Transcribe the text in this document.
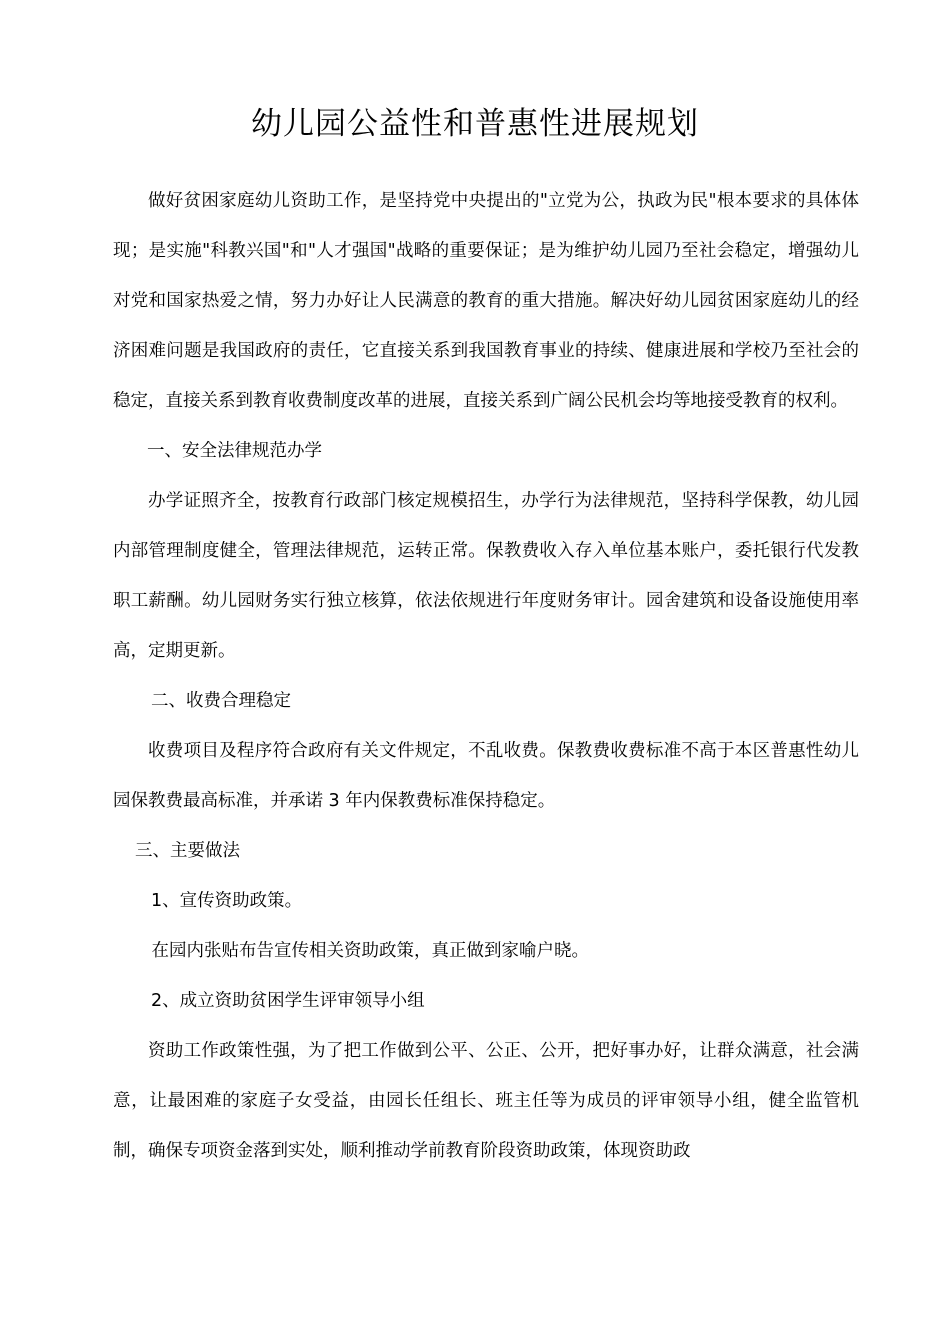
幼儿园公益性和普惠性进展规划

做好贫困家庭幼儿资助工作，是坚持党中央提出的"立党为公，执政为民"根本要求的具体体现；是实施"科教兴国"和"人才强国"战略的重要保证；是为维护幼儿园乃至社会稳定，增强幼儿对党和国家热爱之情，努力办好让人民满意的教育的重大措施。解决好幼儿园贫困家庭幼儿的经济困难问题是我国政府的责任，它直接关系到我国教育事业的持续、健康进展和学校乃至社会的稳定，直接关系到教育收费制度改革的进展，直接关系到广阔公民机会均等地接受教育的权利。

一、安全法律规范办学

办学证照齐全，按教育行政部门核定规模招生，办学行为法律规范，坚持科学保教，幼儿园内部管理制度健全，管理法律规范，运转正常。保教费收入存入单位基本账户，委托银行代发教职工薪酬。幼儿园财务实行独立核算，依法依规进行年度财务审计。园舍建筑和设备设施使用率高，定期更新。

二、收费合理稳定

收费项目及程序符合政府有关文件规定，不乱收费。保教费收费标准不高于本区普惠性幼儿园保教费最高标准，并承诺 3 年内保教费标准保持稳定。

三、主要做法

1、宣传资助政策。

在园内张贴布告宣传相关资助政策，真正做到家喻户晓。

2、成立资助贫困学生评审领导小组

资助工作政策性强，为了把工作做到公平、公正、公开，把好事办好，让群众满意，社会满意，让最困难的家庭子女受益，由园长任组长、班主任等为成员的评审领导小组，健全监管机制，确保专项资金落到实处，顺利推动学前教育阶段资助政策，体现资助政
